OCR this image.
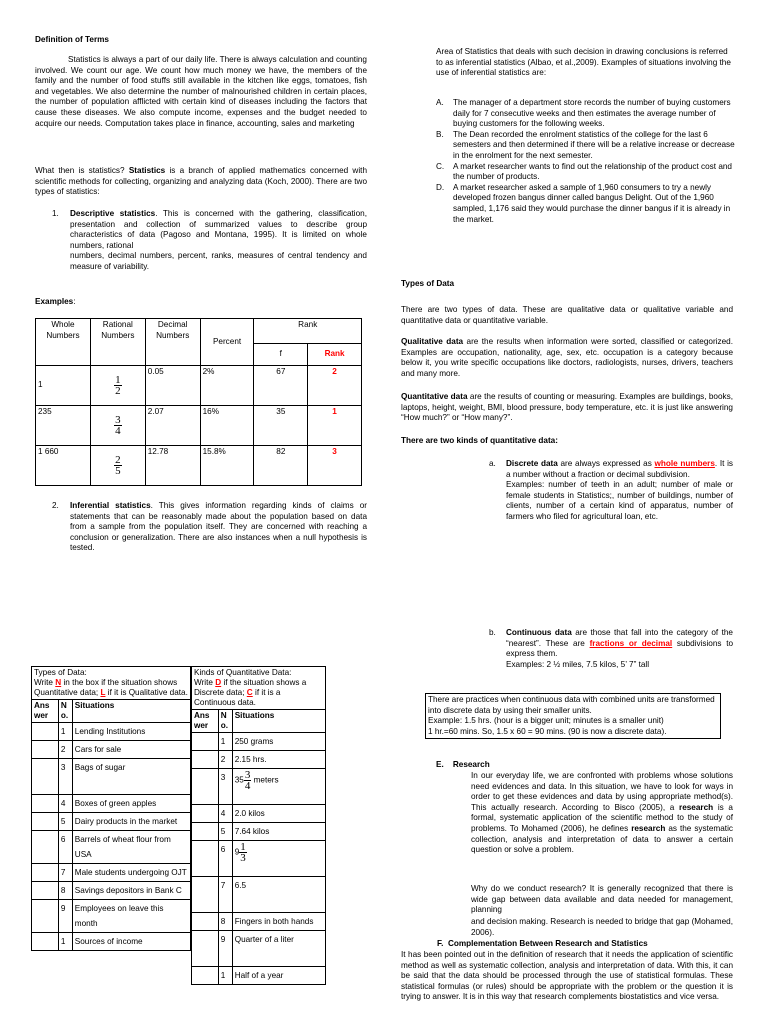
Definition of Terms

Statistics is always a part of our daily life. There is always calculation and counting involved. We count our age. We count how much money we have, the members of the family and the number of food stuffs still available in the kitchen like eggs, tomatoes, fish and vegetables. We also determine the number of malnourished children in certain places, the number of population afflicted with certain kind of diseases including the factors that cause these diseases. We also compute income, expenses and the budget needed to acquire our needs. Computation takes place in finance, accounting, sales and marketing

What then is statistics? Statistics is a branch of applied mathematics concerned with scientific methods for collecting, organizing and analyzing data (Koch, 2000). There are two types of statistics:

1. Descriptive statistics. This is concerned with the gathering, classification, presentation and collection of summarized values to describe group characteristics of data (Pagoso and Montana, 1995). It is limited on whole numbers, rational

numbers, decimal numbers, percent, ranks, measures of central tendency and measure of variability.

Examples:
Whole Numbers	Rational Numbers	Decimal Numbers	Percent	Rank	
				f	Rank
1	$\frac{1}{2}$	0.05	2%	67	2
235	$\frac{3}{4}$	2.07	16%	35	1
1 660	$\frac{2}{5}$	12.78	15.8%	82	3
2. Inferential statistics. This gives information regarding kinds of claims or statements that can be reasonably made about the population based on data from a sample from the population itself. They are concerned with reaching a conclusion or generalization. There are also instances when a null hypothesis is tested.

Types of Data:
Write N in the box if the situation shows Quantitative data; L if it is Qualitative data.		

Ans
wer	No.	Situations
	1	Lending Institutions
	2	Cars for sale
	3	Bags of sugar
	4	Boxes of green apples
	5	Dairy products in the market
	6	Barrels of wheat flour from USA
	7	Male students undergoing OJT
	8	Savings depositors in Bank C
	9	Employees on leave this month
	1	Sources of income
Kinds of Quantitative Data:
Write D if the situation shows a Discrete data; C if it is a Continuous data.		

Ans
wer	No.	Situations
	1	250 grams
	2	2.15 hrs.
	3	$35 \frac{3}{4}$ meters
	4	2.0 kilos
	5	7.64 kilos
	6	$9 \frac{1}{3}$

	7	6.5
	8	Fingers in both hands
	9	Quarter of a liter
	1	Half of a year

Area of Statistics that deals with such decision in drawing conclusions is referred to as inferential statistics (Albao, et al.,2009). Examples of situations involving the use of inferential statistics are:

A. The manager of a department store records the number of buying customers daily for 7 consecutive weeks and then estimates the average number of buying customers for the following weeks.
B. The Dean recorded the enrolment statistics of the college for the last 6 semesters and then determined if there will be a relative increase or decrease in the enrolment for the next semester.
C. A market researcher wants to find out the relationship of the product cost and the number of products.
D. A market researcher asked a sample of 1,960 consumers to try a newly developed frozen bangus dinner called bangus Delight. Out of the 1,960 sampled, 1,176 said they would purchase the dinner bangus if it is already in the market.
Types of Data

There are two types of data. These are qualitative data or qualitative variable and quantitative data or quantitative variable.

Qualitative data are the results when information were sorted, classified or categorized. Examples are occupation, nationality, age, sex, etc. occupation is a category because below it, you write specific occupations like doctors, radiologists, nurses, drivers, teachers and many more.

Quantitative data are the results of counting or measuring. Examples are buildings, books, laptops, height, weight, BMI, blood pressure, body temperature, etc. it is just like answering “How much?” or “How many?”.

There are two kinds of quantitative data:
a. Discrete data are always expressed as whole numbers. It is a number without a fraction or decimal subdivision.

Examples: number of teeth in an adult; number of male or female students in Statistics;, number of buildings, number of clients, number of a certain kind of apparatus, number of farmers who filed for agricultural loan, etc.

b. Continuous data are those that fall into the category of the “nearest”. These are fractions or decimal subdivisions to express them.

Examples: 2 ½ miles, 7.5 kilos, 5’ 7” tall

There are practices when continuous data with combined units are transformed into discrete data by using their smaller units.
Example: 1.5 hrs. (hour is a bigger unit; minutes is a smaller unit)
1 hr.=60 mins. So, 1.5 x 60 = 90 mins. (90 is now a discrete data).
E. Research

In our everyday life, we are confronted with problems whose solutions need evidences and data. In this situation, we have to look for ways in order to get these evidences and data by using appropriate method(s). This actually research. According to Bisco (2005), a research is a formal, systematic application of the scientific method to the study of problems. To Mohamed (2006), he defines research as the systematic collection, analysis and interpretation of data to answer a certain question or solve a problem.

Why do we conduct research? It is generally recognized that there is wide gap between data available and data needed for management, planning

and decision making. Research is needed to bridge that gap (Mohamed, 2006).

F. Complementation Between Research and Statistics

It has been pointed out in the definition of research that it needs the application of scientific method as well as systematic collection, analysis and interpretation of data. With this, it can be said that the data should be processed through the use of statistical formulas. These statistical formulas (or rules) should be appropriate with the problem or the question it is trying to answer. It is in this way that research complements biostatistics and vice versa.
